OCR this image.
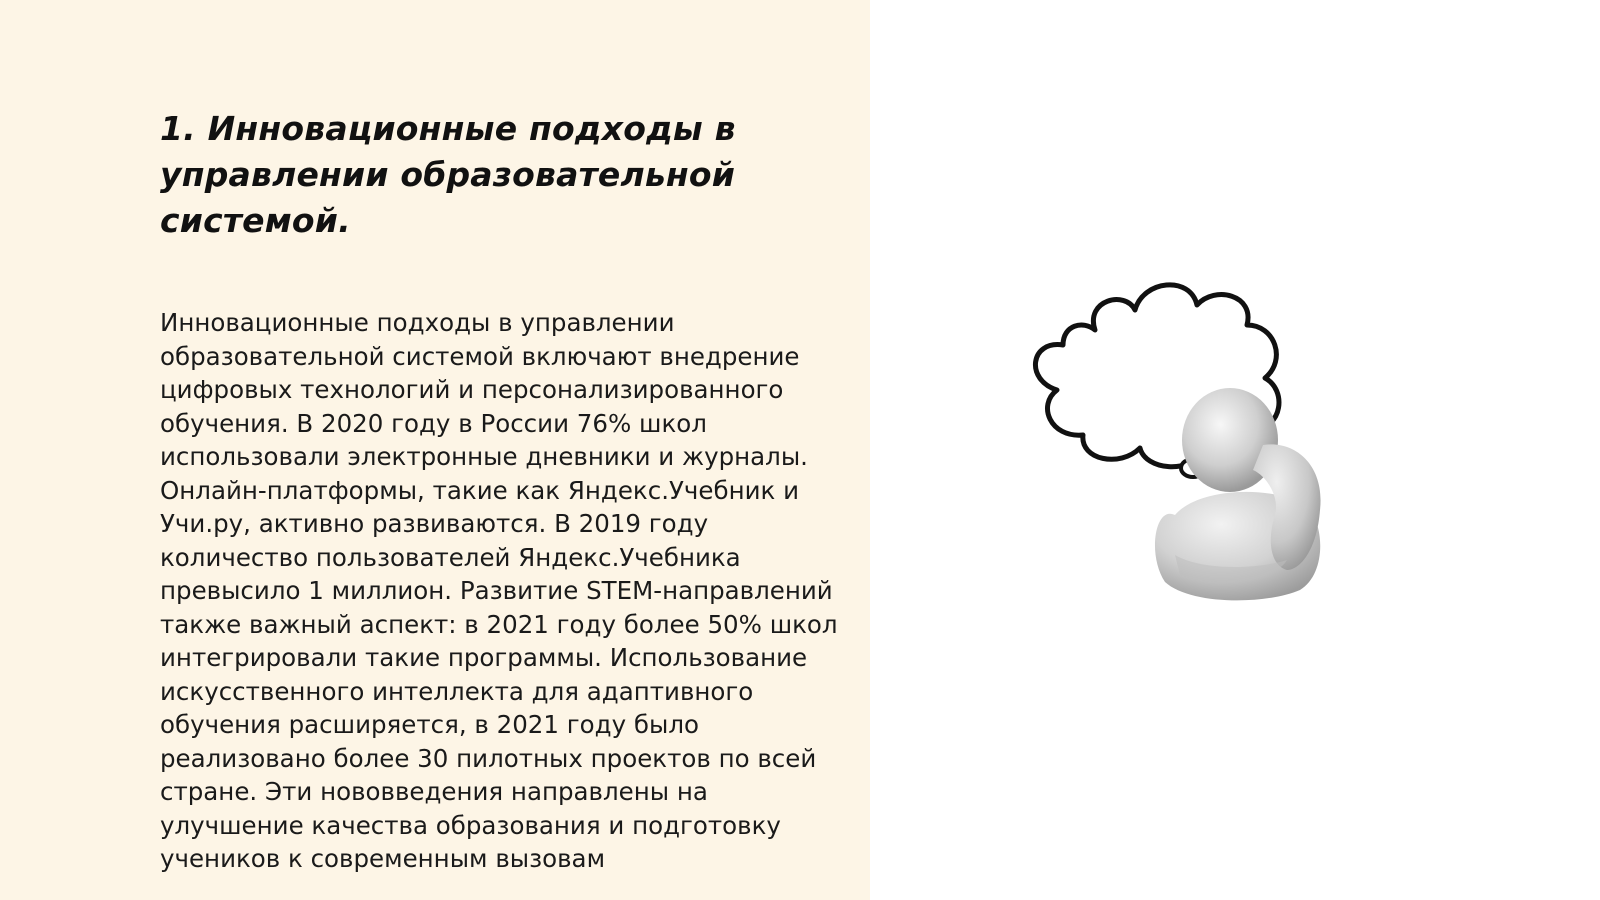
1. Инновационные подходы в управлении образовательной системой.

Инновационные подходы в управлении образовательной системой включают внедрение цифровых технологий и персонализированного обучения. В 2020 году в России 76% школ использовали электронные дневники и журналы. Онлайн-платформы, такие как Яндекс.Учебник и Учи.ру, активно развиваются. В 2019 году количество пользователей Яндекс.Учебника превысило 1 миллион. Развитие STEM-направлений также важный аспект: в 2021 году более 50% школ интегрировали такие программы. Использование искусственного интеллекта для адаптивного обучения расширяется, в 2021 году было реализовано более 30 пилотных проектов по всей стране. Эти нововведения направлены на улучшение качества образования и подготовку учеников к современным вызовам
